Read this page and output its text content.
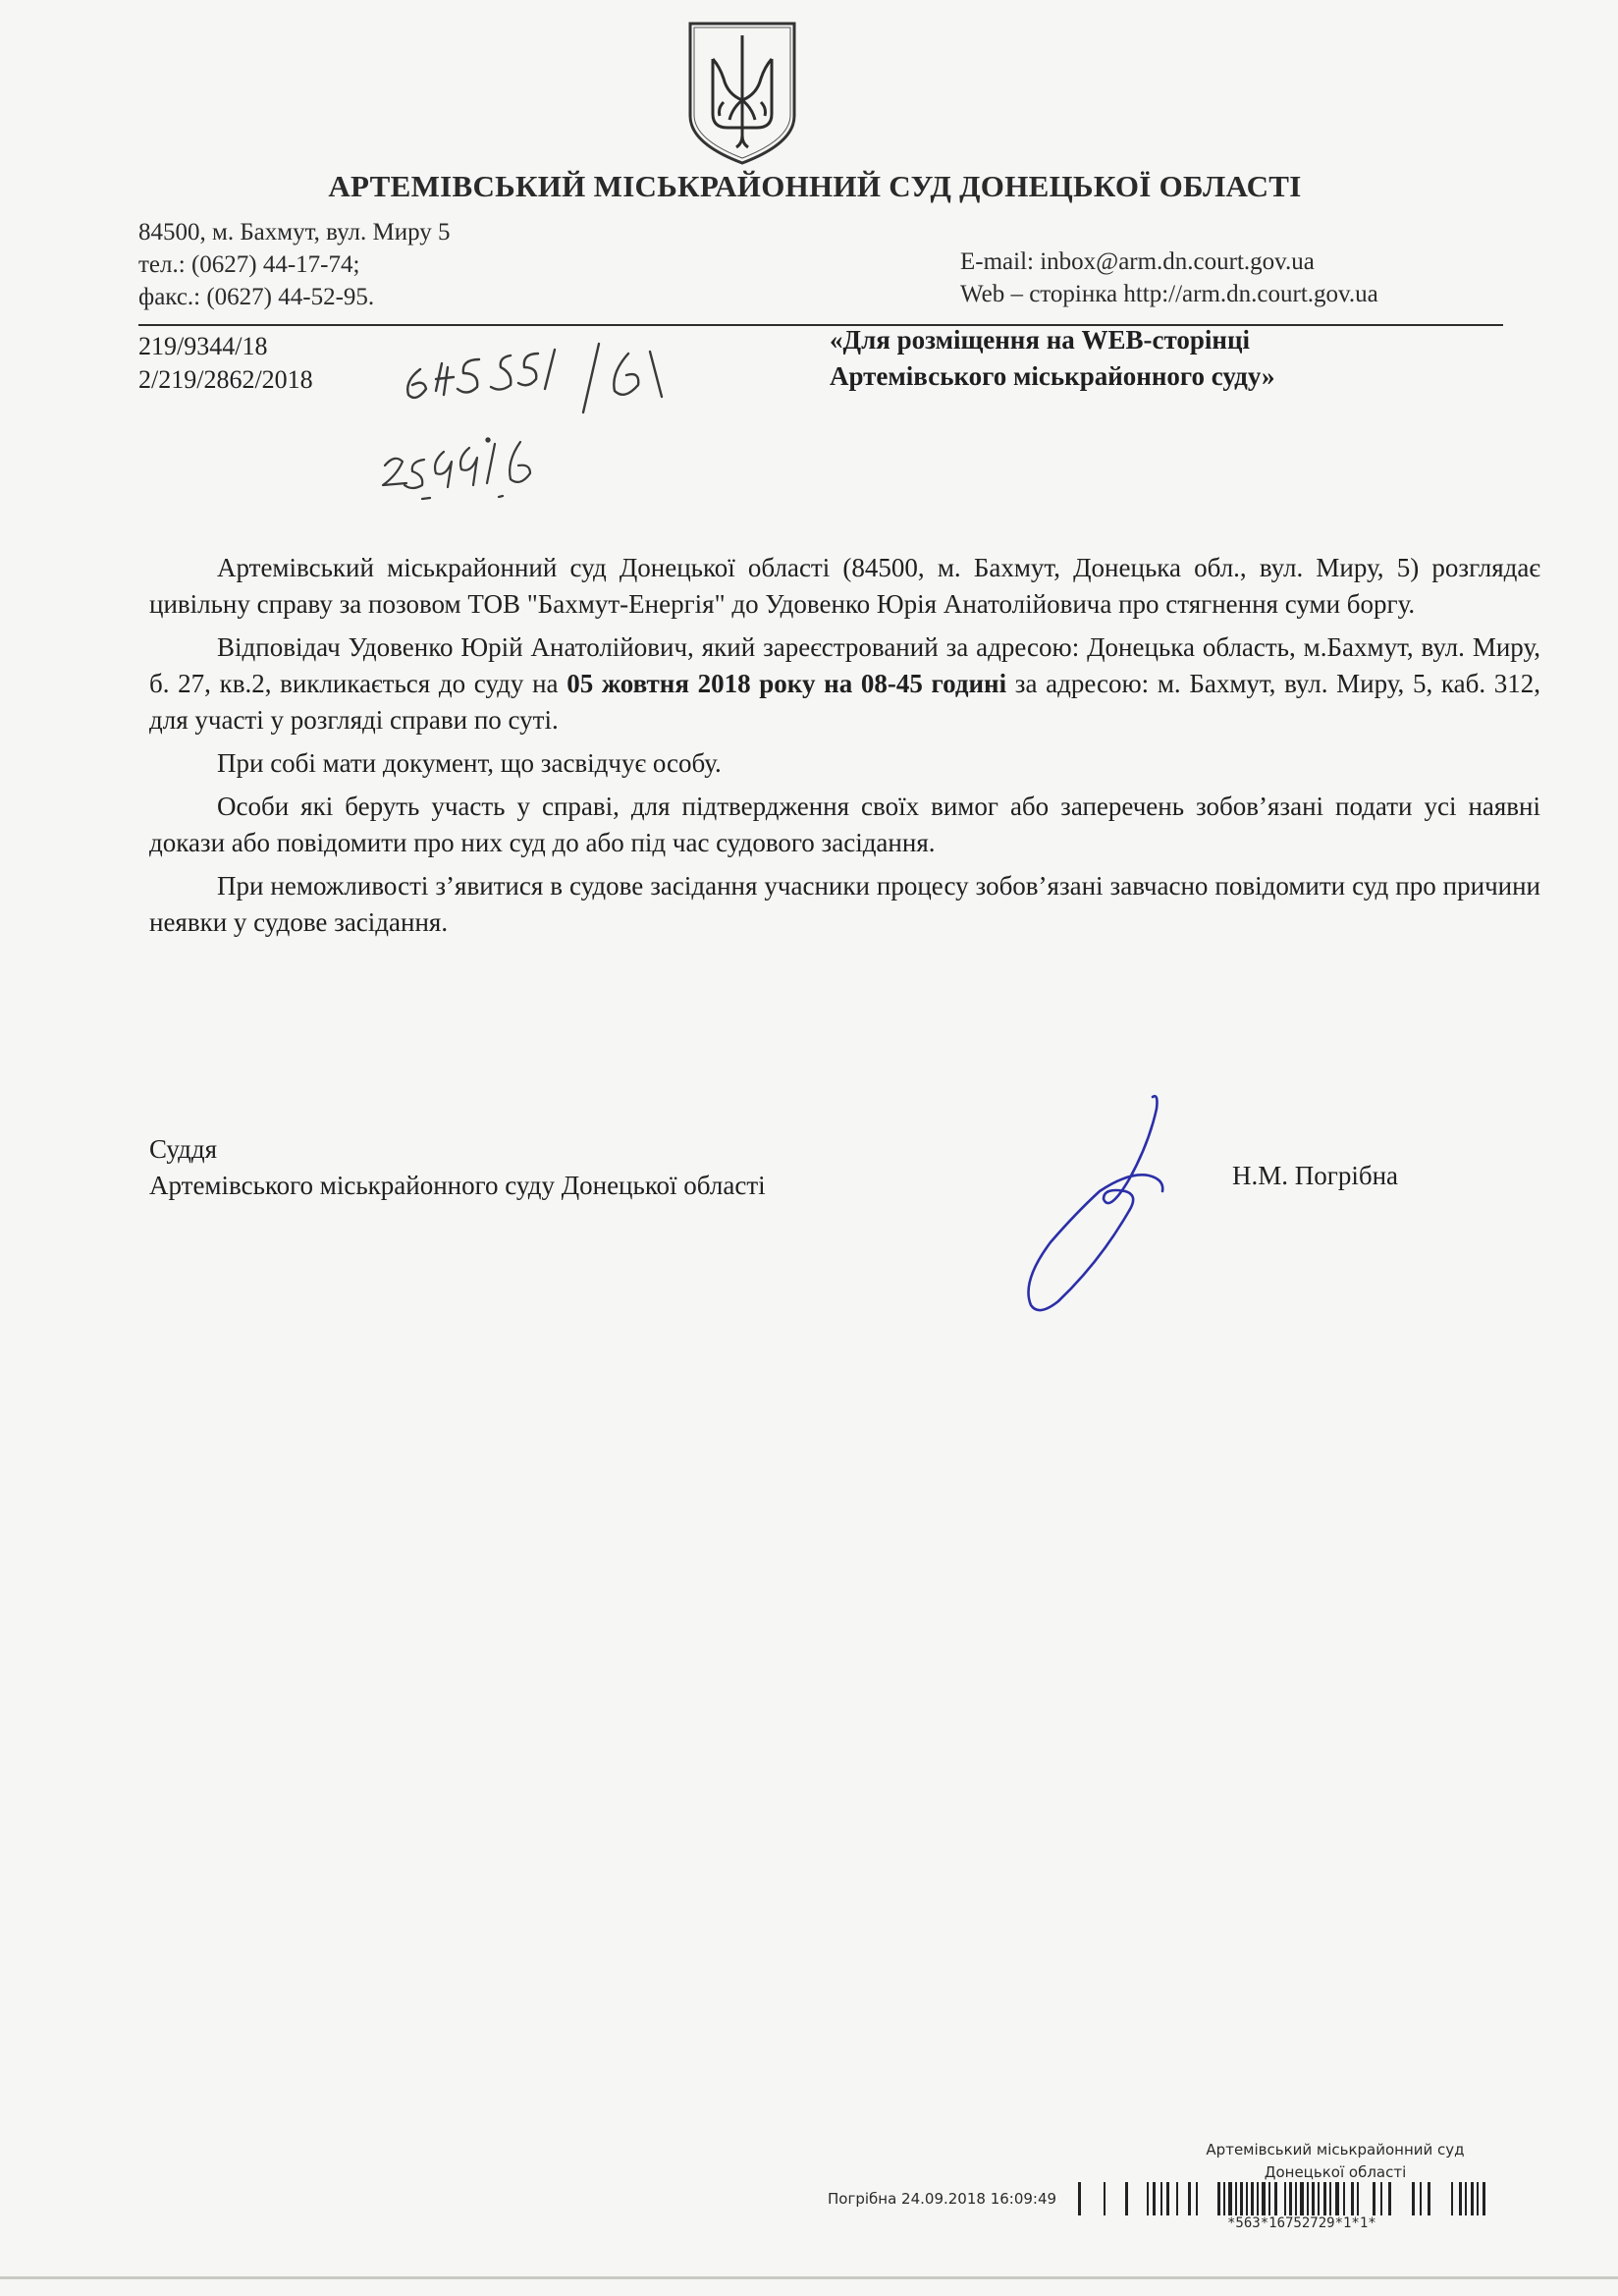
АРТЕМІВСЬКИЙ МІСЬКРАЙОННИЙ СУД ДОНЕЦЬКОЇ ОБЛАСТІ
84500, м. Бахмут, вул. Миру 5
тел.: (0627) 44-17-74;
факс.: (0627) 44-52-95.
E-mail: inbox@arm.dn.court.gov.ua
Web – сторінка http://arm.dn.court.gov.ua
219/9344/18
2/219/2862/2018
«Для розміщення на WEB-сторінці
Артемівського міськрайонного суду»

Артемівський міськрайонний суд Донецької області (84500, м. Бахмут, Донецька обл., вул. Миру, 5) розглядає цивільну справу за позовом ТОВ "Бахмут-Енергія" до Удовенко Юрія Анатолійовича про стягнення суми боргу.

Відповідач Удовенко Юрій Анатолійович, який зареєстрований за адресою: Донецька область, м.Бахмут, вул. Миру, б. 27, кв.2, викликається до суду на 05 жовтня 2018 року на 08-45 годині за адресою: м. Бахмут, вул. Миру, 5, каб. 312, для участі у розгляді справи по суті.

При собі мати документ, що засвідчує особу.

Особи які беруть участь у справі, для підтвердження своїх вимог або заперечень зобов’язані подати усі наявні докази або повідомити про них суд до або під час судового засідання.

При неможливості з’явитися в судове засідання учасники процесу зобов’язані завчасно повідомити суд про причини неявки у судове засідання.

Суддя
Артемівського міськрайонного суду Донецької області	Н.М. Погрібна
Артемівський міськрайонний суд
Донецької області
Погрібна 24.09.2018 16:09:49
*563*16752729*1*1*
